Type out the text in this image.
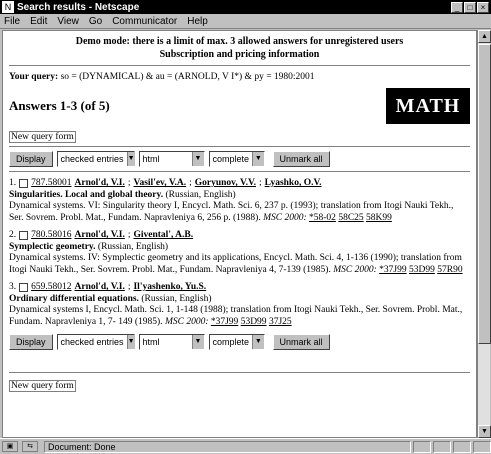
N Search results - Netscape	_	□	×
File Edit View Go Communicator Help
Demo mode: there is a limit of max. 3 allowed answers for unregistered users
Subscription and pricing information
Your query: so = (DYNAMICAL) & au = (ARNOLD, V I*) & py = 1980:2001
Answers 1-3 (of 5)	MATH
New query form
Display	checked entries ▼ html	▼	complete ▼	Unmark all
1. 787.58001 Arnol'd, V.I. ; Vasil'ev, V.A. ; Goryunov, V.V. ; Lyashko, O.V.
Singularities. Local and global theory. (Russian, English)
Dynamical systems. VI: Singularity theory I, Encycl. Math. Sci. 6, 237 p. (1993); translation from Itogi Nauki Tekh., Ser. Sovrem. Probl. Mat., Fundam. Napravleniya 6, 256 p. (1988). MSC 2000: *58-02 58C25 58K99
2. 780.58016 Arnol'd, V.I. ; Givental', A.B.
Symplectic geometry. (Russian, English)
Dynamical systems. IV: Symplectic geometry and its applications, Encycl. Math. Sci. 4, 1-136 (1990); translation from Itogi Nauki Tekh., Ser. Sovrem. Probl. Mat., Fundam. Napravleniya 4, 7-139 (1985). MSC 2000: *37J99 53D99 57R90
3. 659.58012 Arnol'd, V.I. ; Il'yashenko, Yu.S.
Ordinary differential equations. (Russian, English)
Dynamical systems I, Encycl. Math. Sci. 1, 1-148 (1988); translation from Itogi Nauki Tekh., Ser. Sovrem. Probl. Mat., Fundam. Napravleniya 1, 7- 149 (1985). MSC 2000: *37J99 53D99 37J25
Display	checked entries ▼ html	▼	complete ▼	Unmark all
New query form
▲
▼
▣	⇆	Document: Done
